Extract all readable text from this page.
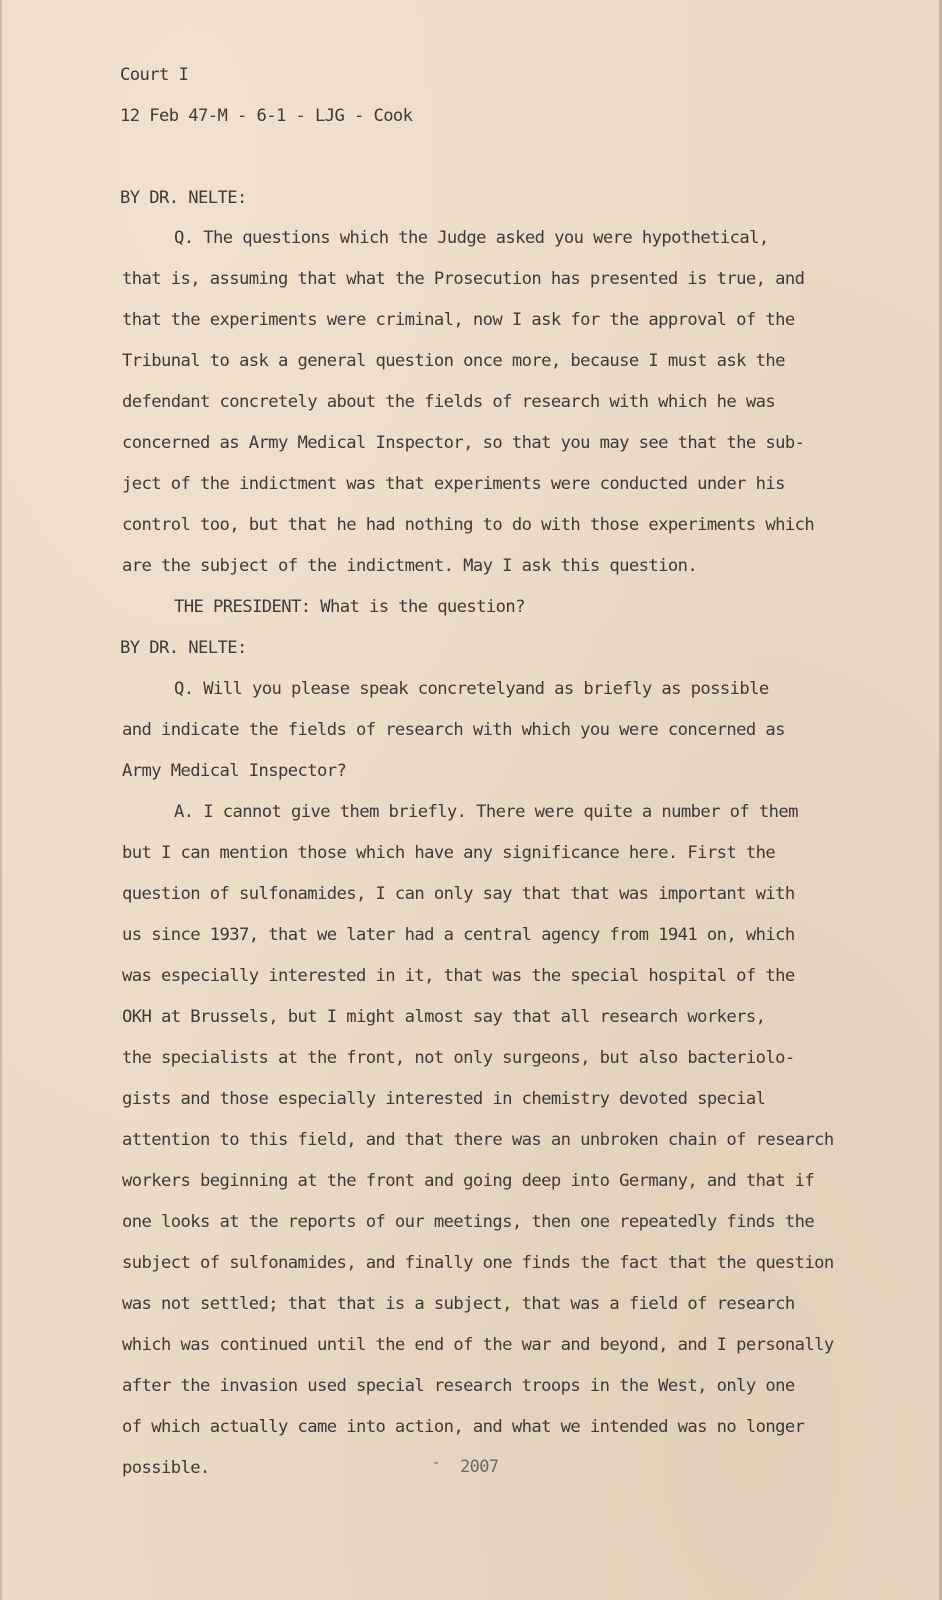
Court I
12 Feb 47-M - 6-1 - LJG - Cook
BY DR. NELTE:
Q. The questions which the Judge asked you were hypothetical,
that is, assuming that what the Prosecution has presented is true, and
that the experiments were criminal, now I ask for the approval of the
Tribunal to ask a general question once more, because I must ask the
defendant concretely about the fields of research with which he was
concerned as Army Medical Inspector, so that you may see that the sub-
ject of the indictment was that experiments were conducted under his
control too, but that he had nothing to do with those experiments which
are the subject of the indictment. May I ask this question.
THE PRESIDENT: What is the question?
BY DR. NELTE:
Q. Will you please speak concretelyand as briefly as possible
and indicate the fields of research with which you were concerned as
Army Medical Inspector?
A. I cannot give them briefly. There were quite a number of them
but I can mention those which have any significance here. First the
question of sulfonamides, I can only say that that was important with
us since 1937, that we later had a central agency from 1941 on, which
was especially interested in it, that was the special hospital of the
OKH at Brussels, but I might almost say that all research workers,
the specialists at the front, not only surgeons, but also bacteriolo-
gists and those especially interested in chemistry devoted special
attention to this field, and that there was an unbroken chain of research
workers beginning at the front and going deep into Germany, and that if
one looks at the reports of our meetings, then one repeatedly finds the
subject of sulfonamides, and finally one finds the fact that the question
was not settled; that that is a subject, that was a field of research
which was continued until the end of the war and beyond, and I personally
after the invasion used special research troops in the West, only one
of which actually came into action, and what we intended was no longer
possible.	- 2007
